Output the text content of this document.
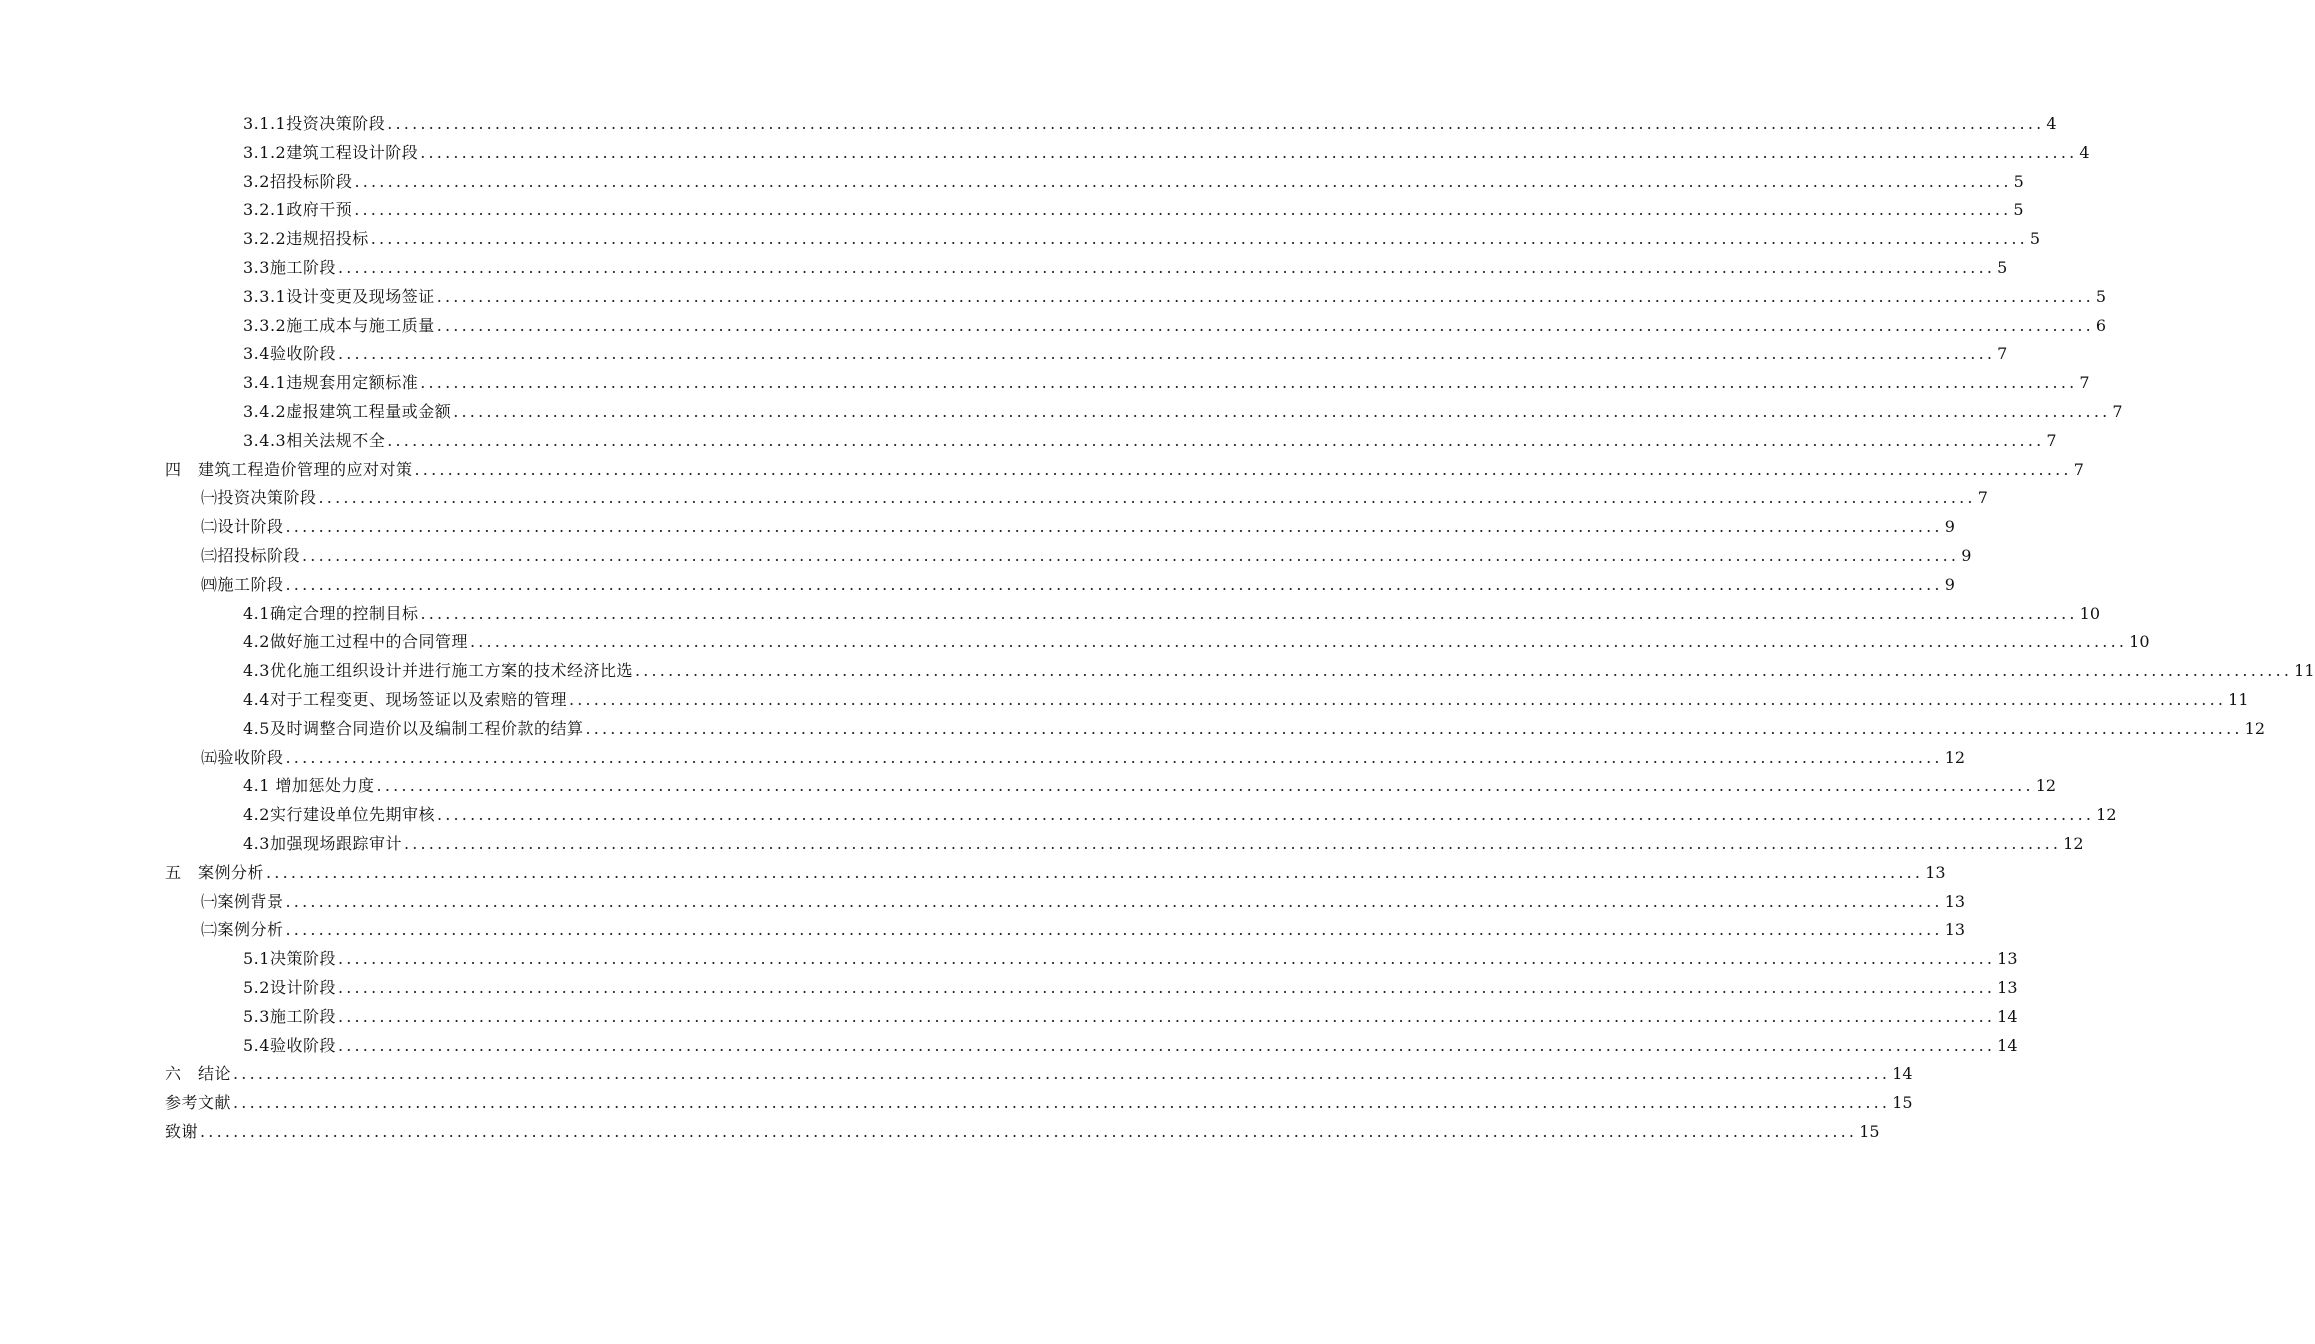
3.1.1投资决策阶段 ........................................................................................................................................................................................................ 4
3.1.2建筑工程设计阶段 ........................................................................................................................................................................................................ 4
3.2招投标阶段 ........................................................................................................................................................................................................ 5
3.2.1政府干预 ........................................................................................................................................................................................................ 5
3.2.2违规招投标 ........................................................................................................................................................................................................ 5
3.3施工阶段 ........................................................................................................................................................................................................ 5
3.3.1设计变更及现场签证 ........................................................................................................................................................................................................ 5
3.3.2施工成本与施工质量 ........................................................................................................................................................................................................ 6
3.4验收阶段 ........................................................................................................................................................................................................ 7
3.4.1违规套用定额标准 ........................................................................................................................................................................................................ 7
3.4.2虚报建筑工程量或金额 ........................................................................................................................................................................................................ 7
3.4.3相关法规不全 ........................................................................................................................................................................................................ 7
四　建筑工程造价管理的应对对策 ........................................................................................................................................................................................................ 7
㈠投资决策阶段 ........................................................................................................................................................................................................ 7
㈡设计阶段 ........................................................................................................................................................................................................ 9
㈢招投标阶段 ........................................................................................................................................................................................................ 9
㈣施工阶段 ........................................................................................................................................................................................................ 9
4.1确定合理的控制目标 ........................................................................................................................................................................................................ 10
4.2做好施工过程中的合同管理 ........................................................................................................................................................................................................ 10
4.3优化施工组织设计并进行施工方案的技术经济比选 ........................................................................................................................................................................................................ 11
4.4对于工程变更、现场签证以及索赔的管理 ........................................................................................................................................................................................................ 11
4.5及时调整合同造价以及编制工程价款的结算 ........................................................................................................................................................................................................ 12
㈤验收阶段 ........................................................................................................................................................................................................ 12
4.1 增加惩处力度 ........................................................................................................................................................................................................ 12
4.2实行建设单位先期审核 ........................................................................................................................................................................................................ 12
4.3加强现场跟踪审计 ........................................................................................................................................................................................................ 12
五　案例分析 ........................................................................................................................................................................................................ 13
㈠案例背景 ........................................................................................................................................................................................................ 13
㈡案例分析 ........................................................................................................................................................................................................ 13
5.1决策阶段 ........................................................................................................................................................................................................ 13
5.2设计阶段 ........................................................................................................................................................................................................ 13
5.3施工阶段 ........................................................................................................................................................................................................ 14
5.4验收阶段 ........................................................................................................................................................................................................ 14
六　结论 ........................................................................................................................................................................................................ 14
参考文献 ........................................................................................................................................................................................................ 15
致谢 ........................................................................................................................................................................................................ 15
